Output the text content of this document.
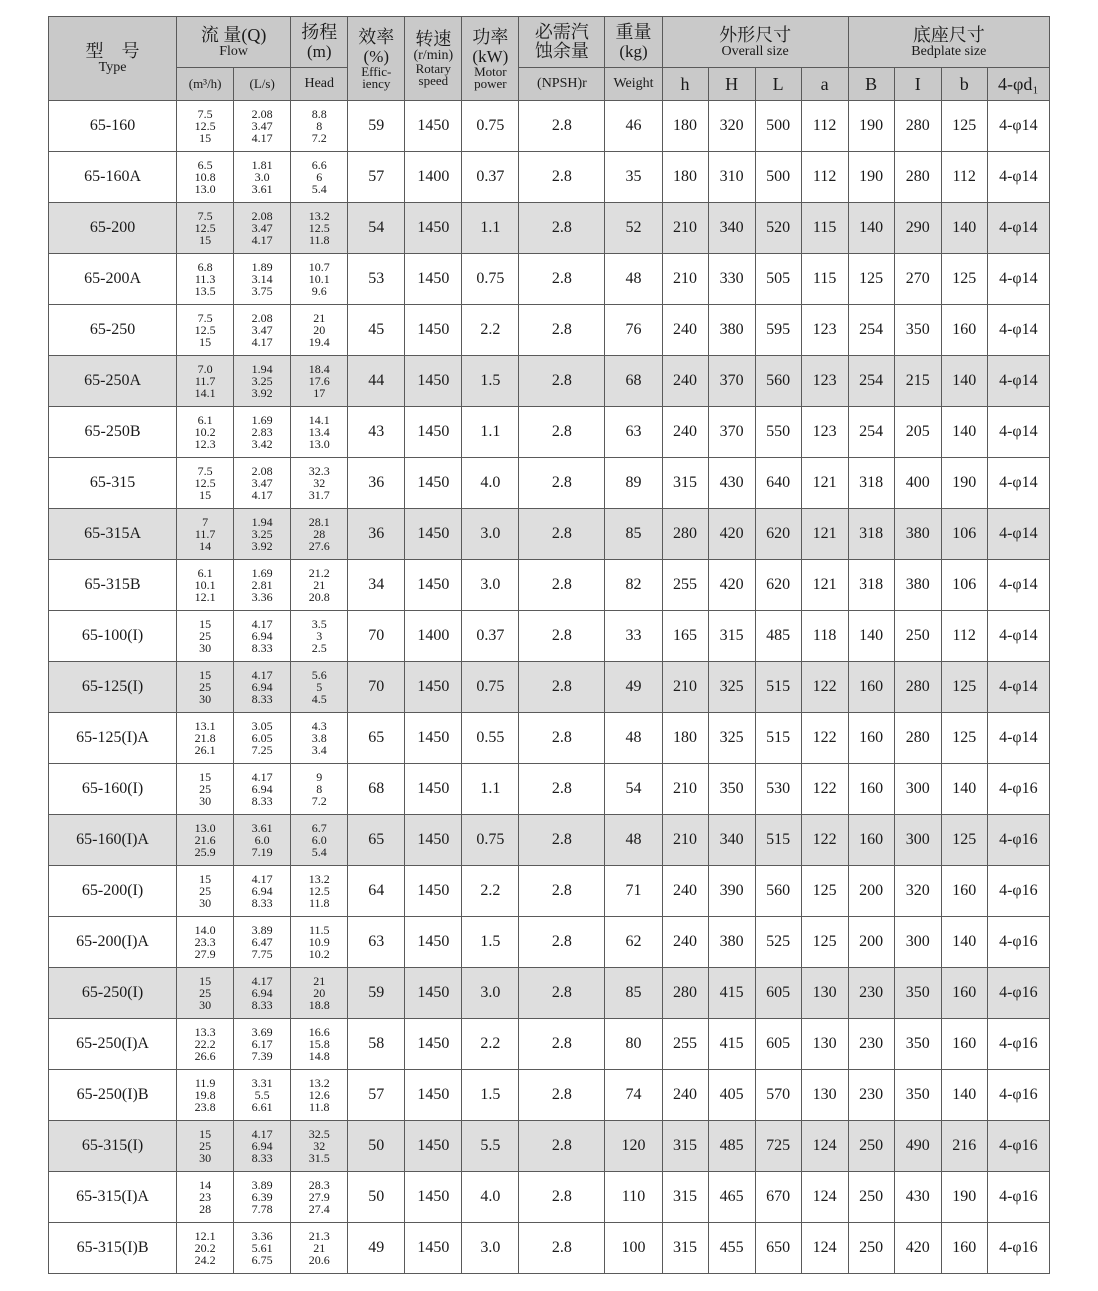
型　号
Type	流 量(Q)
Flow		扬程
(m)	效率
(%)
Effic-
iency	转速
(r/min)
Rotary
speed	功率
(kW)
Motor
power	必需汽
蚀余量	重量
(kg)	外形尺寸
Overall size				底座尺寸
Bedplate size			

	(m³/h)	(L/s)	Head				(NPSH)r	Weight	h	H	L	a	B	I	b	4-φd₁
65-160	7.5
12.5
15	2.08
3.47
4.17	8.8
8
7.2	59	1450	0.75	2.8	46	180	320	500	112	190	280	125	4-φ14
65-160A	6.5
10.8
13.0	1.81
3.0
3.61	6.6
6
5.4	57	1400	0.37	2.8	35	180	310	500	112	190	280	112	4-φ14
65-200	7.5
12.5
15	2.08
3.47
4.17	13.2
12.5
11.8	54	1450	1.1	2.8	52	210	340	520	115	140	290	140	4-φ14
65-200A	6.8
11.3
13.5	1.89
3.14
3.75	10.7
10.1
9.6	53	1450	0.75	2.8	48	210	330	505	115	125	270	125	4-φ14
65-250	7.5
12.5
15	2.08
3.47
4.17	21
20
19.4	45	1450	2.2	2.8	76	240	380	595	123	254	350	160	4-φ14
65-250A	7.0
11.7
14.1	1.94
3.25
3.92	18.4
17.6
17	44	1450	1.5	2.8	68	240	370	560	123	254	215	140	4-φ14
65-250B	6.1
10.2
12.3	1.69
2.83
3.42	14.1
13.4
13.0	43	1450	1.1	2.8	63	240	370	550	123	254	205	140	4-φ14
65-315	7.5
12.5
15	2.08
3.47
4.17	32.3
32
31.7	36	1450	4.0	2.8	89	315	430	640	121	318	400	190	4-φ14
65-315A	7
11.7
14	1.94
3.25
3.92	28.1
28
27.6	36	1450	3.0	2.8	85	280	420	620	121	318	380	106	4-φ14
65-315B	6.1
10.1
12.1	1.69
2.81
3.36	21.2
21
20.8	34	1450	3.0	2.8	82	255	420	620	121	318	380	106	4-φ14
65-100(I)	15
25
30	4.17
6.94
8.33	3.5
3
2.5	70	1400	0.37	2.8	33	165	315	485	118	140	250	112	4-φ14
65-125(I)	15
25
30	4.17
6.94
8.33	5.6
5
4.5	70	1450	0.75	2.8	49	210	325	515	122	160	280	125	4-φ14
65-125(I)A	13.1
21.8
26.1	3.05
6.05
7.25	4.3
3.8
3.4	65	1450	0.55	2.8	48	180	325	515	122	160	280	125	4-φ14
65-160(I)	15
25
30	4.17
6.94
8.33	9
8
7.2	68	1450	1.1	2.8	54	210	350	530	122	160	300	140	4-φ16
65-160(I)A	13.0
21.6
25.9	3.61
6.0
7.19	6.7
6.0
5.4	65	1450	0.75	2.8	48	210	340	515	122	160	300	125	4-φ16
65-200(I)	15
25
30	4.17
6.94
8.33	13.2
12.5
11.8	64	1450	2.2	2.8	71	240	390	560	125	200	320	160	4-φ16
65-200(I)A	14.0
23.3
27.9	3.89
6.47
7.75	11.5
10.9
10.2	63	1450	1.5	2.8	62	240	380	525	125	200	300	140	4-φ16
65-250(I)	15
25
30	4.17
6.94
8.33	21
20
18.8	59	1450	3.0	2.8	85	280	415	605	130	230	350	160	4-φ16
65-250(I)A	13.3
22.2
26.6	3.69
6.17
7.39	16.6
15.8
14.8	58	1450	2.2	2.8	80	255	415	605	130	230	350	160	4-φ16
65-250(I)B	11.9
19.8
23.8	3.31
5.5
6.61	13.2
12.6
11.8	57	1450	1.5	2.8	74	240	405	570	130	230	350	140	4-φ16
65-315(I)	15
25
30	4.17
6.94
8.33	32.5
32
31.5	50	1450	5.5	2.8	120	315	485	725	124	250	490	216	4-φ16
65-315(I)A	14
23
28	3.89
6.39
7.78	28.3
27.9
27.4	50	1450	4.0	2.8	110	315	465	670	124	250	430	190	4-φ16
65-315(I)B	12.1
20.2
24.2	3.36
5.61
6.75	21.3
21
20.6	49	1450	3.0	2.8	100	315	455	650	124	250	420	160	4-φ16
